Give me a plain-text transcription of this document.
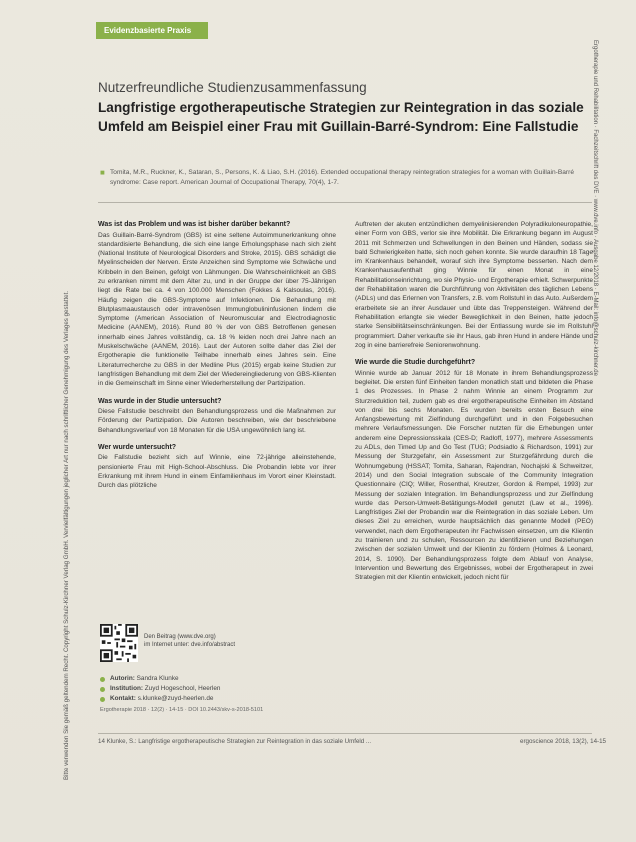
Bitte verwenden Sie gemäß geltendem Recht. Copyright Schulz-Kirchner Verlag GmbH. Vervielfältigungen jeglicher Art nur nach schriftlicher Genehmigung des Verlages gestattet.
Ergotherapie und Rehabilitation · Fachzeitschrift des DVE · www.dve.info · Ausgabe 12/2018 · E-Mail: info@schulz-kirchner.de
Evidenzbasierte Praxis
Nutzerfreundliche Studienzusammenfassung
Langfristige ergotherapeutische Strategien zur Reintegration in das soziale Umfeld am Beispiel einer Frau mit Guillain-Barré-Syndrom: Eine Fallstudie
■ Tomita, M.R., Ruckner, K., Sataran, S., Persons, K. & Liao, S.H. (2016). Extended occupational therapy reintegration strategies for a woman with Guillain-Barré syndrome: Case report. American Journal of Occupational Therapy, 70(4), 1-7.
Was ist das Problem und was ist bisher darüber bekannt?

Das Guillain-Barré-Syndrom (GBS) ist eine seltene Autoimmunerkrankung ohne standardisierte Behandlung, die sich eine lange Erholungsphase nach sich zieht (National Institute of Neurological Disorders and Stroke, 2015). GBS schädigt die Myelinscheiden der Nerven. Erste Anzeichen sind Symptome wie Schwäche und Kribbeln in den Beinen, gefolgt von Lähmungen. Die Wahrscheinlichkeit an GBS zu erkranken nimmt mit dem Alter zu, und in der Gruppe der über 75-Jährigen liegt die Rate bei ca. 4 von 100.000 Menschen (Fokkes & Kalsoulas, 2016). Häufig zeigen die GBS-Symptome auf Infektionen. Die Behandlung mit Blutplasmaaustausch oder intravenösen Immunglobulininfusionen lindern die Symptome (American Association of Neuromuscular and Electrodiagnostic Medicine (AANEM), 2016). Rund 80 % der von GBS Betroffenen genesen innerhalb eines Jahres vollständig, ca. 18 % leiden noch drei Jahre nach an Muskelschwäche (AANEM, 2016). Laut der Autoren sollte daher das Ziel der Ergotherapie die funktionelle Teilhabe innerhalb eines Jahres sein. Eine Literaturrecherche zu GBS in der Medline Plus (2015) ergab keine Studien zur langfristigen Behandlung mit dem Ziel der Wiedereingliederung von GBS-Klienten in die Gemeinschaft im Sinne einer Wiederherstellung der Partizipation.

Was wurde in der Studie untersucht?

Diese Fallstudie beschreibt den Behandlungsprozess und die Maßnahmen zur Förderung der Partizipation. Die Autoren beschreiben, wie der beschriebene Behandlungsverlauf von 18 Monaten für die USA ungewöhnlich lang ist.

Wer wurde untersucht?

Die Fallstudie bezieht sich auf Winnie, eine 72-jährige alleinstehende, pensionierte Frau mit High-School-Abschluss. Die Probandin lebte vor ihrer Erkrankung mit ihrem Hund in einem Einfamilienhaus im Vorort einer Kleinstadt. Durch das plötzliche

Auftreten der akuten entzündlichen demyelinisierenden Polyradikuloneuropathie, einer Form von GBS, verlor sie ihre Mobilität. Die Erkrankung begann im August 2011 mit Schmerzen und Schwellungen in den Beinen und Händen, sodass sie bald Schwierigkeiten hatte, sich noch gehen konnte. Sie wurde daraufhin 18 Tage im Krankenhaus behandelt, worauf sich ihre Symptome besserten. Nach dem Krankenhausaufenthalt ging Winnie für einen Monat in eine Rehabilitationseinrichtung, wo sie Physio- und Ergotherapie erhielt. Schwerpunkte der Rehabilitation waren die Durchführung von Aktivitäten des täglichen Lebens (ADLs) und das Erlernen von Transfers, z.B. vom Rollstuhl in das Auto. Außerdem erarbeitete sie an ihrer Ausdauer und übte das Treppensteigen. Während der Rehabilitation erlangte sie wieder Beweglichkeit in den Beinen, hatte jedoch starke Sensibilitätseinschränkungen. Bei der Entlassung wurde sie im Rollstuhl programmiert. Daher verkaufte sie ihr Haus, gab ihren Hund in andere Hände und zog in eine barrierefreie Seniorenwohnung.

Wie wurde die Studie durchgeführt?

Winnie wurde ab Januar 2012 für 18 Monate in ihrem Behandlungsprozess begleitet. Die ersten fünf Einheiten fanden monatlich statt und bildeten die Phase 1 des Prozesses. In Phase 2 nahm Winnie an einem Programm zur Sturzreduktion teil, zudem gab es drei ergotherapeutische Einheiten im Abstand von drei bis sechs Monaten. Es wurden bereits ersten Besuch eine Anfangsbewertung mit Zielfindung durchgeführt und in den Folgebesuchen mehrere Verlaufsmessungen. Die Forscher nutzten für die Erhebungen unter anderem eine Depressionsskala (CES-D; Radloff, 1977), mehrere Assessments zu ADLs, den Timed Up and Go Test (TUG; Podsiadlo & Richardson, 1991) zur Messung der Sturzgefahr, ein Assessment zur Sturzgefährdung durch die Wohnumgebung (HSSAT; Tomita, Saharan, Rajendran, Nochajski & Schweitzer, 2014) und den Social Integration subscale of the Community Integration Questionnaire (CIQ; Willer, Rosenthal, Kreutzer, Gordon & Rempel, 1993) zur Messung der sozialen Integration. Im Behandlungsprozess und zur Zielfindung wurde das Person-Umwelt-Betätigungs-Modell genutzt (Law et al., 1996). Langfristiges Ziel der Probandin war die Reintegration in das soziale Leben. Um dieses Ziel zu erreichen, wurde hauptsächlich das genannte Modell (PEO) verwendet, nach dem Ergotherapeuten ihr Fachwissen einsetzen, um die Klientin zu trainieren und zu schulen, Ressourcen zu identifizieren und Beziehungen zwischen der sozialen Umwelt und der Klientin zu fördern (Holmes & Leonard, 2014, S. 1090). Der Behandlungsprozess folgte dem Ablauf von Analyse, Intervention und Bewertung des Ergebnisses, wobei der Ergotherapeut in zwei Strategien mit der Klientin entwickelt, jedoch nicht für

Den Beitrag (www.dve.org)
im Internet unter: dve.info/abstract
Autorin: Sandra Klunke
Institution: Zuyd Hogeschool, Heerlen
Kontakt: s.klunke@zuyd-heerlen.de
Ergotherapie 2018 · 12(2) · 14-15 · DOI 10.2443/skv-s-2018-5101
14 Klunke, S.: Langfristige ergotherapeutische Strategien zur Reintegration in das soziale Umfeld ...	ergoscience 2018, 13(2), 14-15
